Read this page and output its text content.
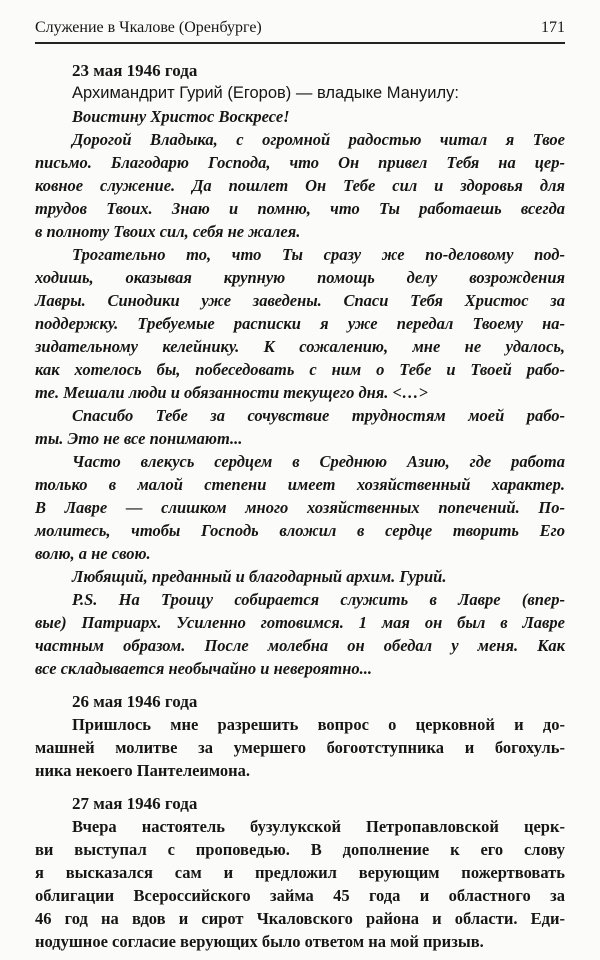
Служение в Чкалове (Оренбурге)	171
23 мая 1946 года
Архимандрит Гурий (Егоров) — владыке Мануилу:
Воистину Христос Воскресе!
Дорогой Владыка, с огромной радостью читал я Твое
письмо. Благодарю Господа, что Он привел Тебя на цер-
ковное служение. Да пошлет Он Тебе сил и здоровья для
трудов Твоих. Знаю и помню, что Ты работаешь всегда
в полноту Твоих сил, себя не жалея.
Трогательно то, что Ты сразу же по-деловому под-
ходишь, оказывая крупную помощь делу возрождения
Лавры. Синодики уже заведены. Спаси Тебя Христос за
поддержку. Требуемые расписки я уже передал Твоему на-
зидательному келейнику. К сожалению, мне не удалось,
как хотелось бы, побеседовать с ним о Тебе и Твоей рабо-
те. Мешали люди и обязанности текущего дня. <…>
Спасибо Тебе за сочувствие трудностям моей рабо-
ты. Это не все понимают...
Часто влекусь сердцем в Среднюю Азию, где работа
только в малой степени имеет хозяйственный характер.
В Лавре — слишком много хозяйственных попечений. По-
молитесь, чтобы Господь вложил в сердце творить Его
волю, а не свою.
Любящий, преданный и благодарный архим. Гурий.
P.S. На Троицу собирается служить в Лавре (впер-
вые) Патриарх. Усиленно готовимся. 1 мая он был в Лавре
частным образом. После молебна он обедал у меня. Как
все складывается необычайно и невероятно...
26 мая 1946 года
Пришлось мне разрешить вопрос о церковной и до-
машней молитве за умершего богоотступника и богохуль-
ника некоего Пантелеимона.
27 мая 1946 года
Вчера настоятель бузулукской Петропавловской церк-
ви выступал с проповедью. В дополнение к его слову
я высказался сам и предложил верующим пожертвовать
облигации Всероссийского займа 45 года и областного за
46 год на вдов и сирот Чкаловского района и области. Еди-
нодушное согласие верующих было ответом на мой призыв.
